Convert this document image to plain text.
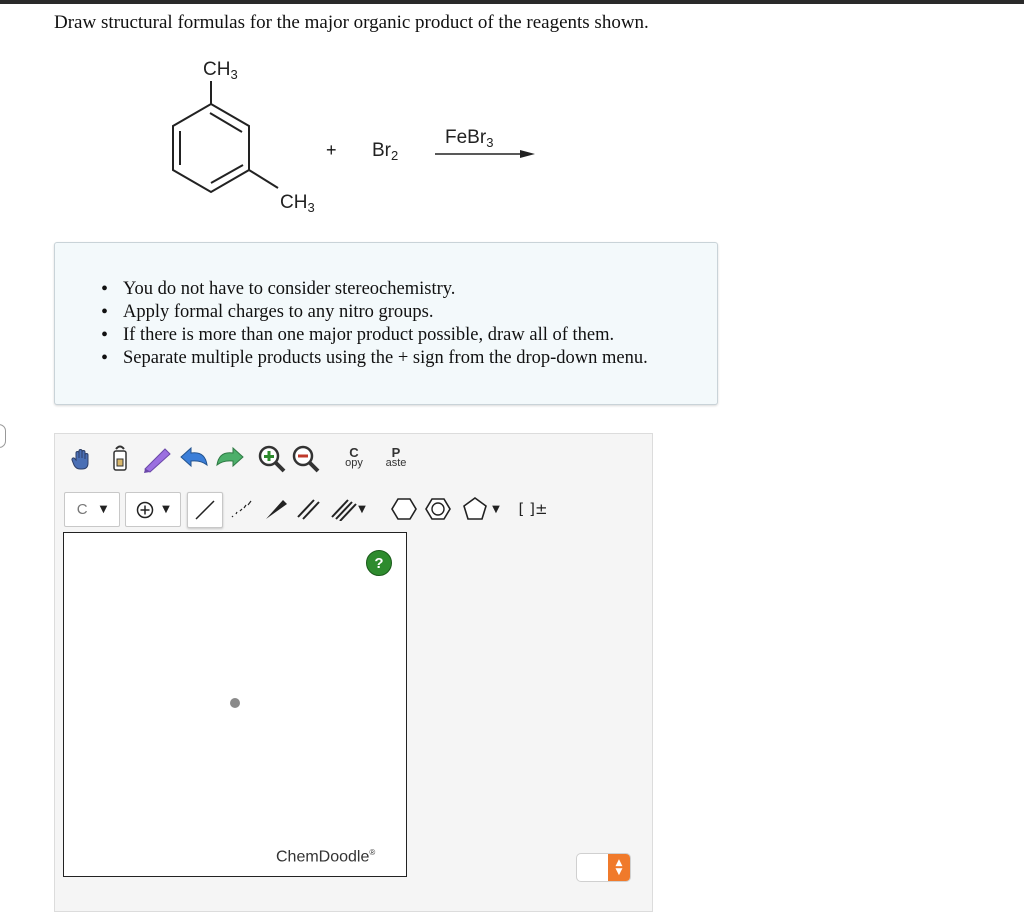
Draw structural formulas for the major organic product of the reagents shown.
$CH_3$
$CH_3$
+ $Br_2$
FeBr$_3$
• You do not have to consider stereochemistry.
• Apply formal charges to any nitro groups.
• If there is more than one major product possible, draw all of them.
• Separate multiple products using the + sign from the drop-down menu.
C
opy
P
aste
C ▼	▼	▼	▼ [ ]±
?
ChemDoodle®
▲
▼
